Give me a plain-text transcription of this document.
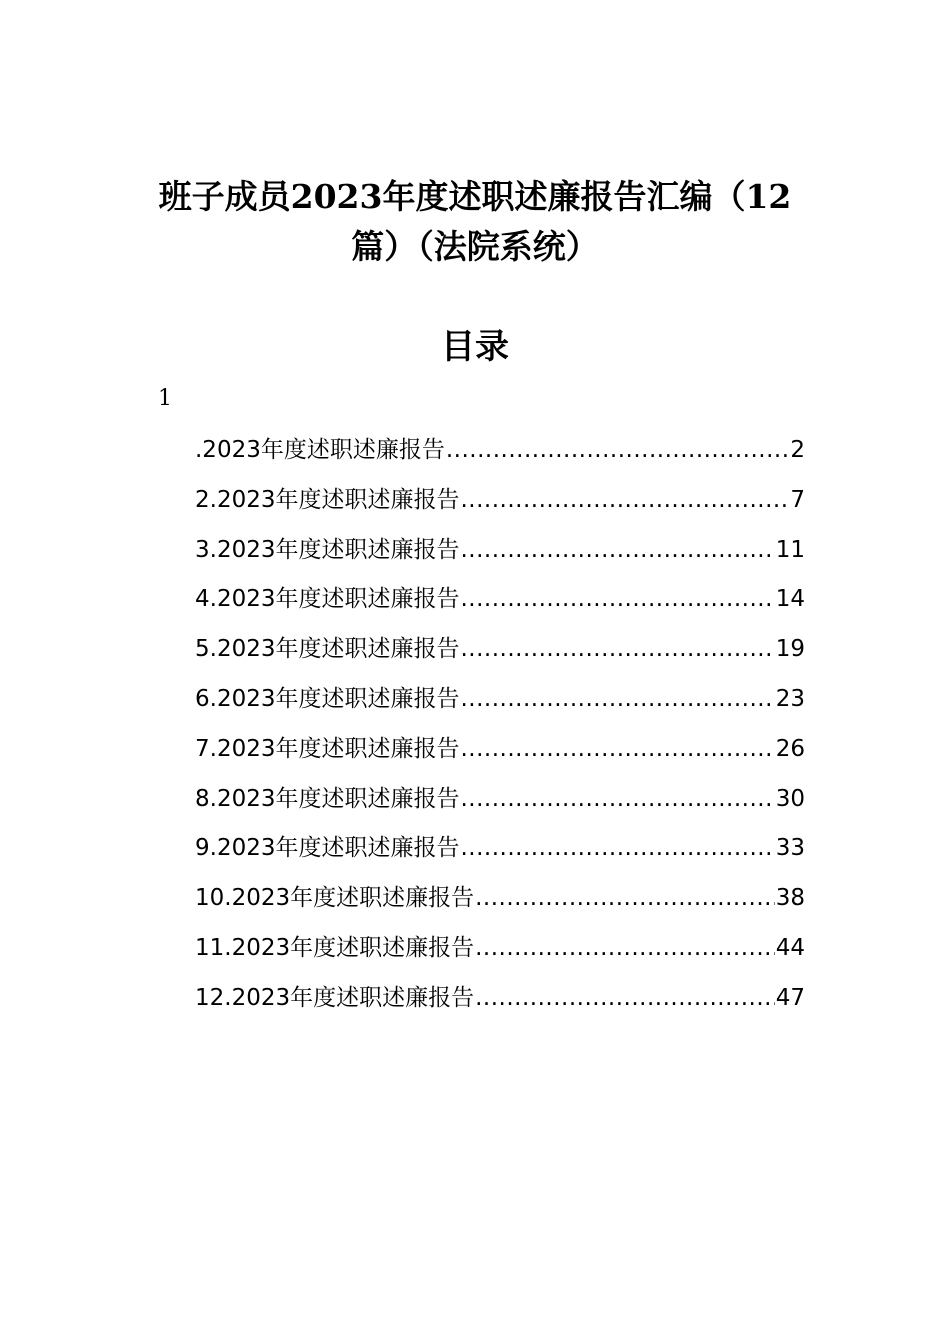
班子成员2023年度述职述廉报告汇编（12篇）（法院系统）
目录
1
.2023年度述职述廉报告 .....	2
2.2023年度述职述廉报告 .....	7
3.2023年度述职述廉报告 .....	11
4.2023年度述职述廉报告 .....	14
5.2023年度述职述廉报告 .....	19
6.2023年度述职述廉报告 .....	23
7.2023年度述职述廉报告 .....	26
8.2023年度述职述廉报告 .....	30
9.2023年度述职述廉报告 .....	33
10.2023年度述职述廉报告 .....	38
11.2023年度述职述廉报告 .....	44
12.2023年度述职述廉报告 .....	47
